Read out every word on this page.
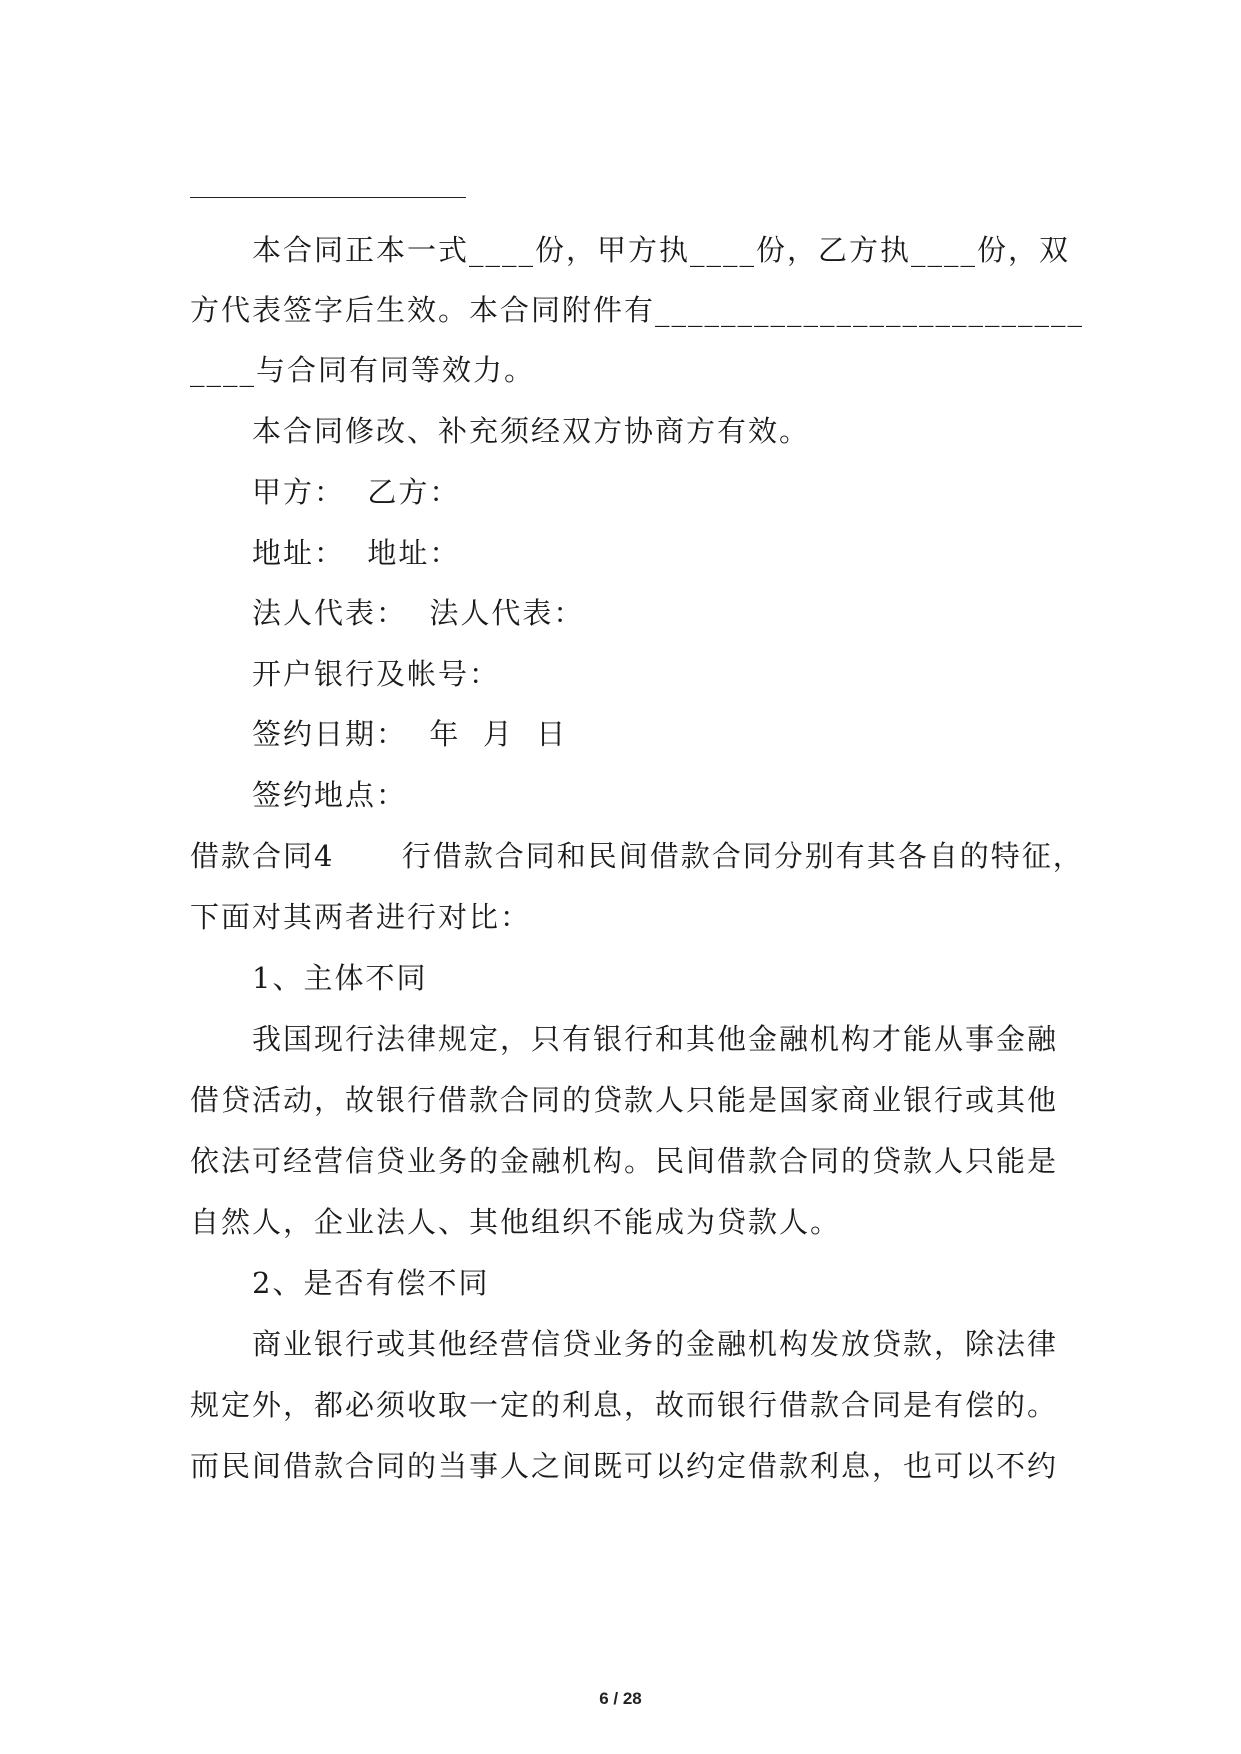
本合同正本一式____份，甲方执____份，乙方执____份，双
方代表签字后生效。本合同附件有__________________________
____与合同有同等效力。
本合同修改、补充须经双方协商方有效。
甲方：  乙方：
地址：  地址：
法人代表：  法人代表：
开户银行及帐号：
签约日期：  年  月  日
签约地点：
借款合同4      行借款合同和民间借款合同分别有其各自的特征，
下面对其两者进行对比：
1、主体不同
我国现行法律规定，只有银行和其他金融机构才能从事金融
借贷活动，故银行借款合同的贷款人只能是国家商业银行或其他
依法可经营信贷业务的金融机构。民间借款合同的贷款人只能是
自然人，企业法人、其他组织不能成为贷款人。
2、是否有偿不同
商业银行或其他经营信贷业务的金融机构发放贷款，除法律
规定外，都必须收取一定的利息，故而银行借款合同是有偿的。
而民间借款合同的当事人之间既可以约定借款利息，也可以不约
6 / 28
